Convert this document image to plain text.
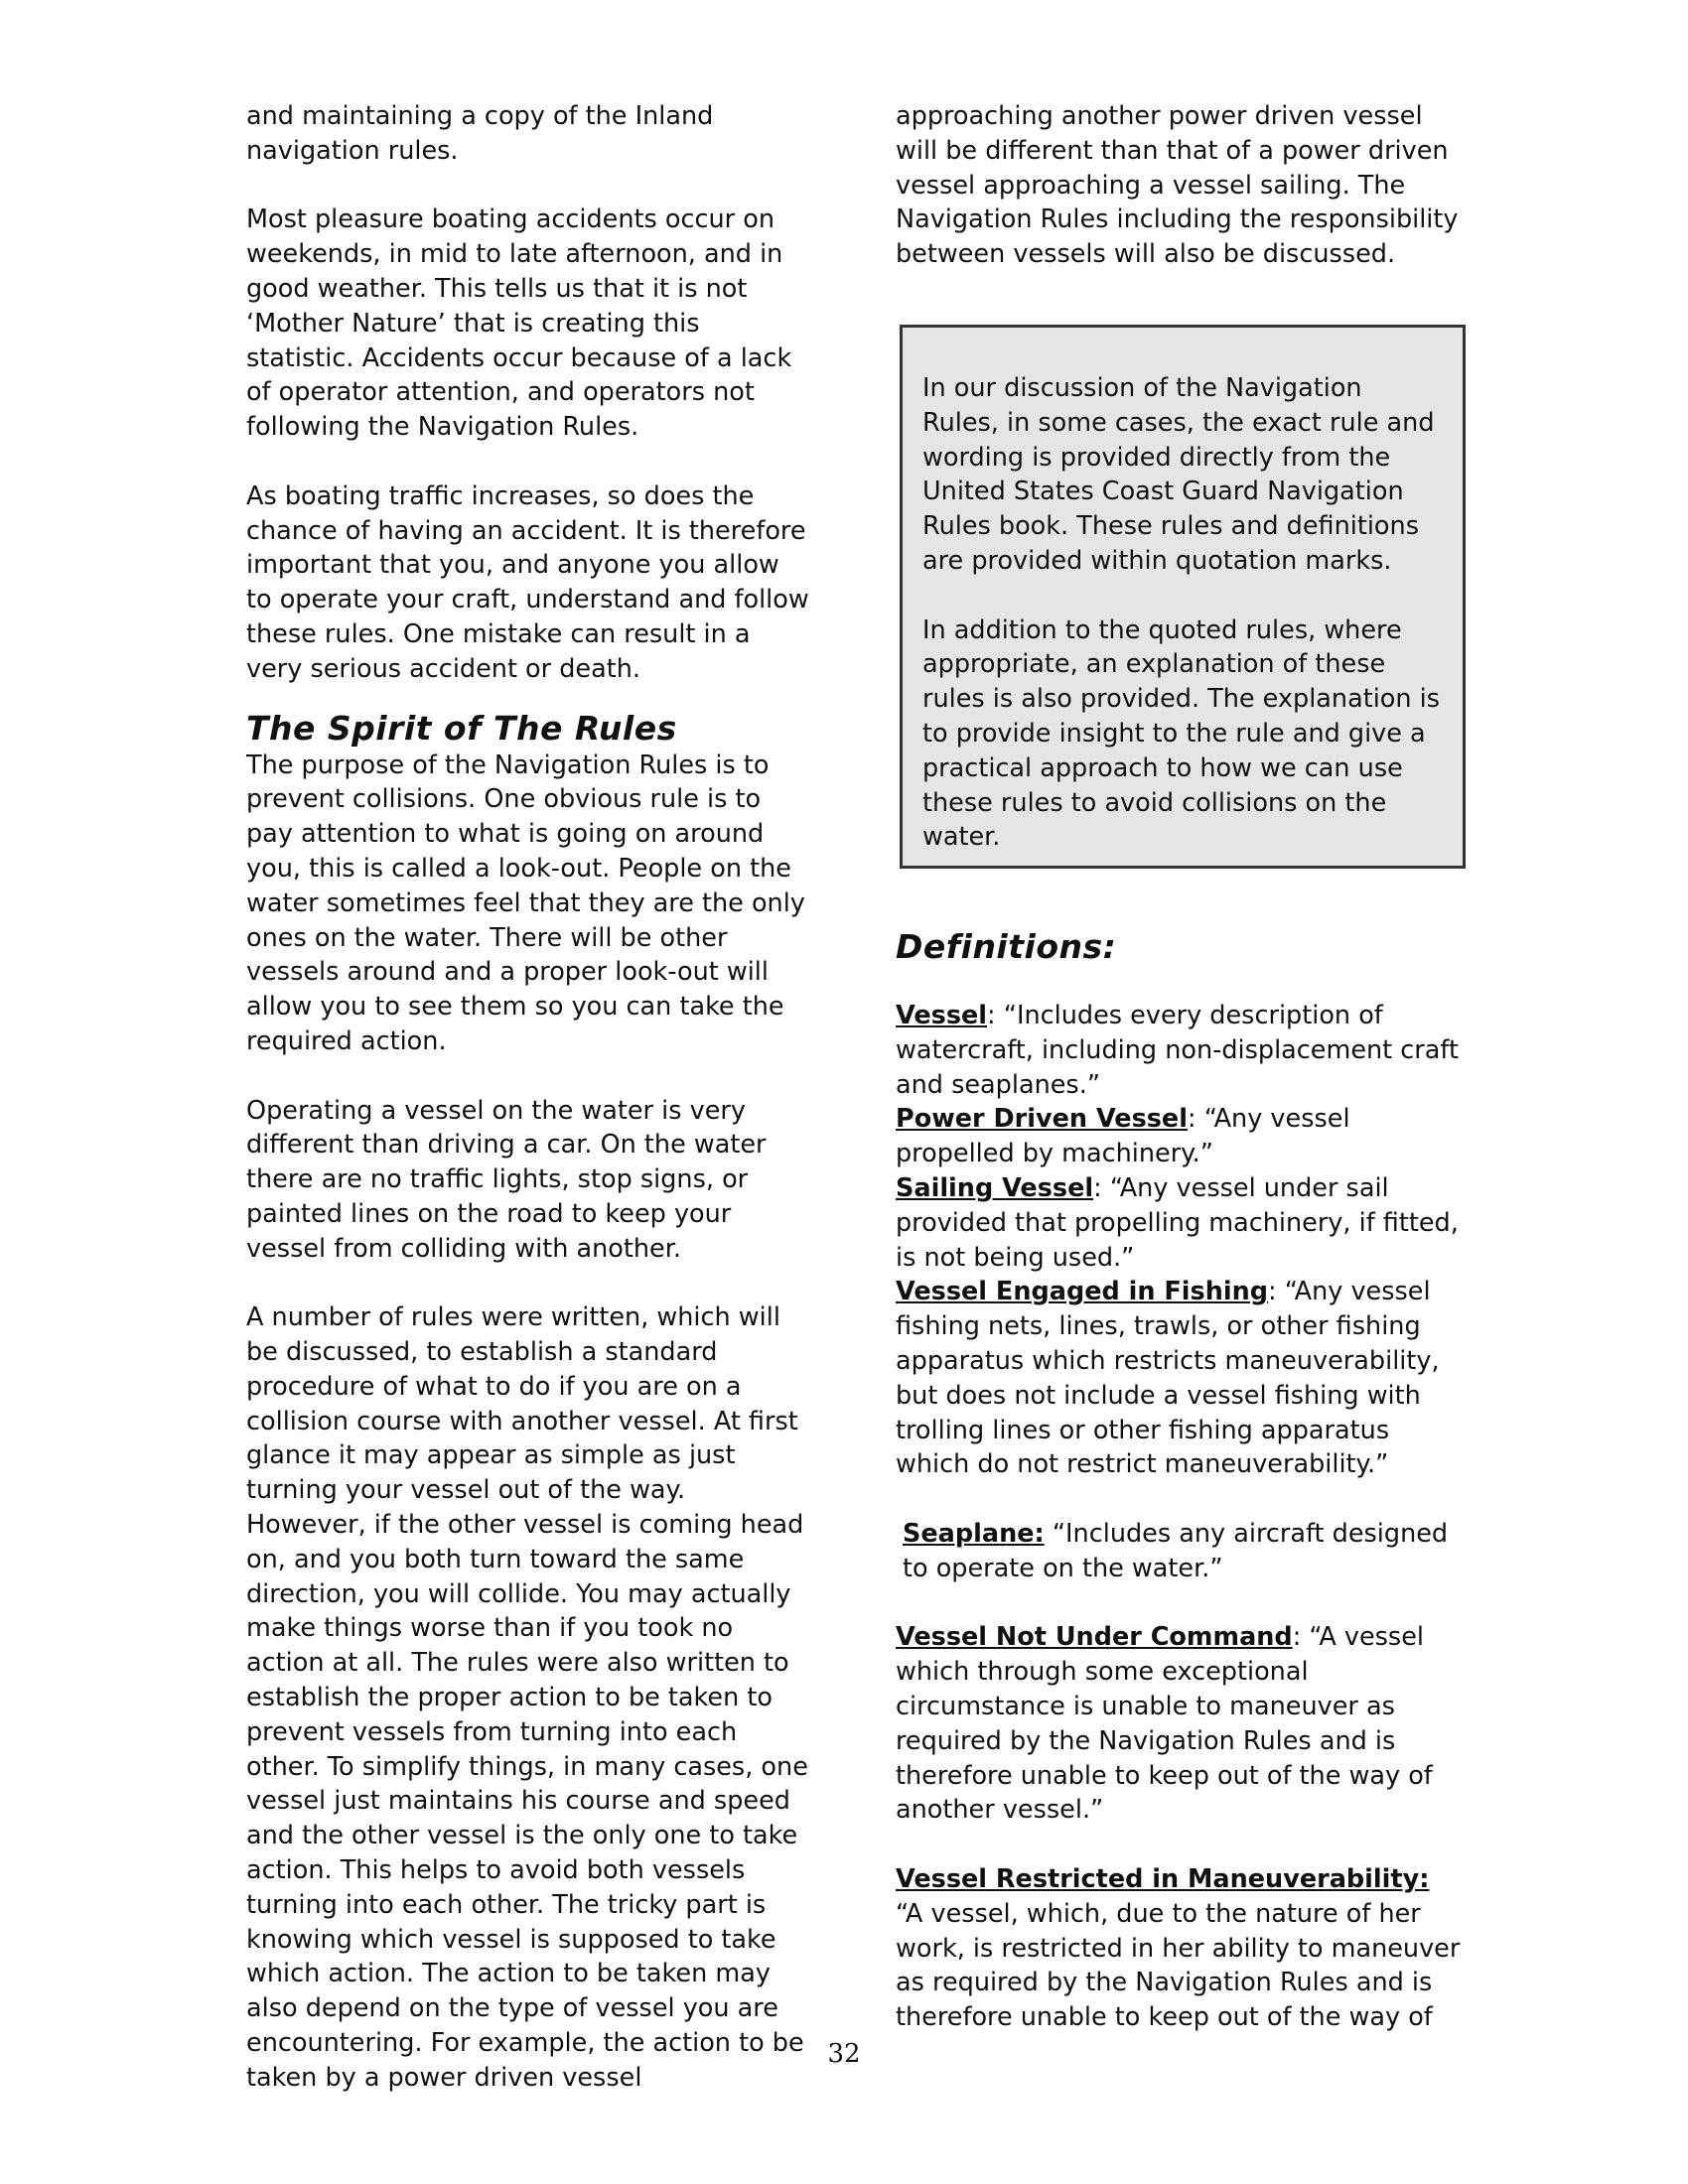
and maintaining a copy of the Inland navigation rules.

Most pleasure boating accidents occur on weekends, in mid to late afternoon, and in good weather. This tells us that it is not ‘Mother Nature’ that is creating this statistic. Accidents occur because of a lack of operator attention, and operators not following the Navigation Rules.

As boating traffic increases, so does the chance of having an accident. It is therefore important that you, and anyone you allow to operate your craft, understand and follow these rules. One mistake can result in a very serious accident or death.

The Spirit of The Rules

The purpose of the Navigation Rules is to prevent collisions. One obvious rule is to pay attention to what is going on around you, this is called a look-out. People on the water sometimes feel that they are the only ones on the water. There will be other vessels around and a proper look-out will allow you to see them so you can take the required action.

Operating a vessel on the water is very different than driving a car. On the water there are no traffic lights, stop signs, or painted lines on the road to keep your vessel from colliding with another.

A number of rules were written, which will be discussed, to establish a standard procedure of what to do if you are on a collision course with another vessel. At first glance it may appear as simple as just turning your vessel out of the way. However, if the other vessel is coming head on, and you both turn toward the same direction, you will collide. You may actually make things worse than if you took no action at all. The rules were also written to establish the proper action to be taken to prevent vessels from turning into each other. To simplify things, in many cases, one vessel just maintains his course and speed and the other vessel is the only one to take action. This helps to avoid both vessels turning into each other. The tricky part is knowing which vessel is supposed to take which action. The action to be taken may also depend on the type of vessel you are encountering. For example, the action to be taken by a power driven vessel

approaching another power driven vessel will be different than that of a power driven vessel approaching a vessel sailing. The Navigation Rules including the responsibility between vessels will also be discussed.

In our discussion of the Navigation Rules, in some cases, the exact rule and wording is provided directly from the United States Coast Guard Navigation Rules book. These rules and definitions are provided within quotation marks.

In addition to the quoted rules, where appropriate, an explanation of these rules is also provided. The explanation is to provide insight to the rule and give a practical approach to how we can use these rules to avoid collisions on the water.

Definitions:

Vessel: “Includes every description of watercraft, including non-displacement craft and seaplanes.”

Power Driven Vessel: “Any vessel propelled by machinery.”

Sailing Vessel: “Any vessel under sail provided that propelling machinery, if fitted, is not being used.”

Vessel Engaged in Fishing: “Any vessel fishing nets, lines, trawls, or other fishing apparatus which restricts maneuverability, but does not include a vessel fishing with trolling lines or other fishing apparatus which do not restrict maneuverability.”

Seaplane: “Includes any aircraft designed to operate on the water.”

Vessel Not Under Command: “A vessel which through some exceptional circumstance is unable to maneuver as required by the Navigation Rules and is therefore unable to keep out of the way of another vessel.”

Vessel Restricted in Maneuverability:

“A vessel, which, due to the nature of her work, is restricted in her ability to maneuver as required by the Navigation Rules and is therefore unable to keep out of the way of

32
